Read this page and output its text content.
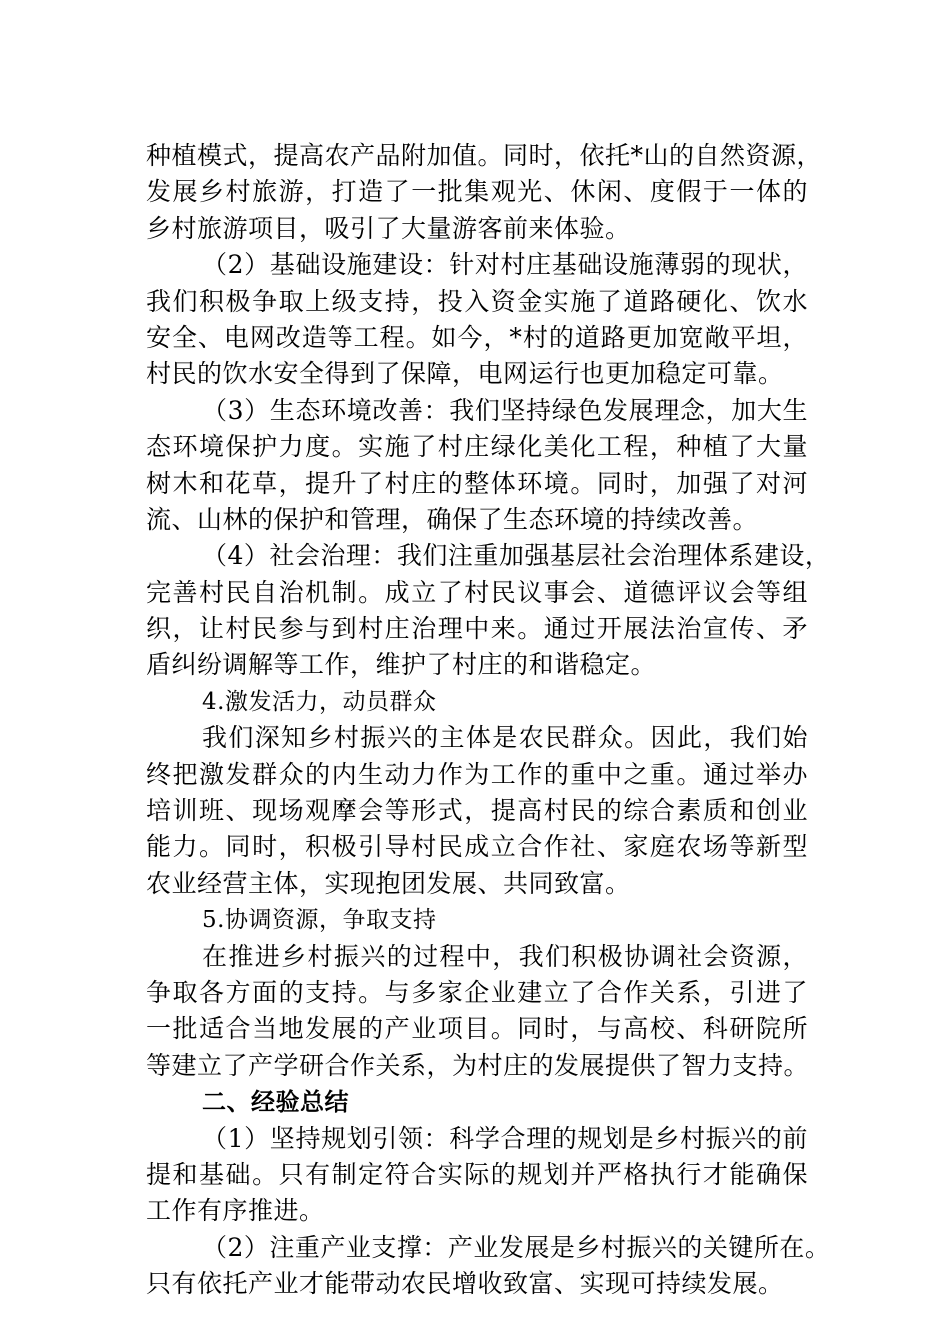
种植模式，提高农产品附加值。同时，依托*山的自然资源，
发展乡村旅游，打造了一批集观光、休闲、度假于一体的
乡村旅游项目，吸引了大量游客前来体验。
（2）基础设施建设：针对村庄基础设施薄弱的现状，
我们积极争取上级支持，投入资金实施了道路硬化、饮水
安全、电网改造等工程。如今，*村的道路更加宽敞平坦，
村民的饮水安全得到了保障，电网运行也更加稳定可靠。
（3）生态环境改善：我们坚持绿色发展理念，加大生
态环境保护力度。实施了村庄绿化美化工程，种植了大量
树木和花草，提升了村庄的整体环境。同时，加强了对河
流、山林的保护和管理，确保了生态环境的持续改善。
（4）社会治理：我们注重加强基层社会治理体系建设，
完善村民自治机制。成立了村民议事会、道德评议会等组
织，让村民参与到村庄治理中来。通过开展法治宣传、矛
盾纠纷调解等工作，维护了村庄的和谐稳定。
4.激发活力，动员群众
我们深知乡村振兴的主体是农民群众。因此，我们始
终把激发群众的内生动力作为工作的重中之重。通过举办
培训班、现场观摩会等形式，提高村民的综合素质和创业
能力。同时，积极引导村民成立合作社、家庭农场等新型
农业经营主体，实现抱团发展、共同致富。
5.协调资源，争取支持
在推进乡村振兴的过程中，我们积极协调社会资源，
争取各方面的支持。与多家企业建立了合作关系，引进了
一批适合当地发展的产业项目。同时，与高校、科研院所
等建立了产学研合作关系，为村庄的发展提供了智力支持。
二、经验总结
（1）坚持规划引领：科学合理的规划是乡村振兴的前
提和基础。只有制定符合实际的规划并严格执行才能确保
工作有序推进。
（2）注重产业支撑：产业发展是乡村振兴的关键所在。
只有依托产业才能带动农民增收致富、实现可持续发展。
